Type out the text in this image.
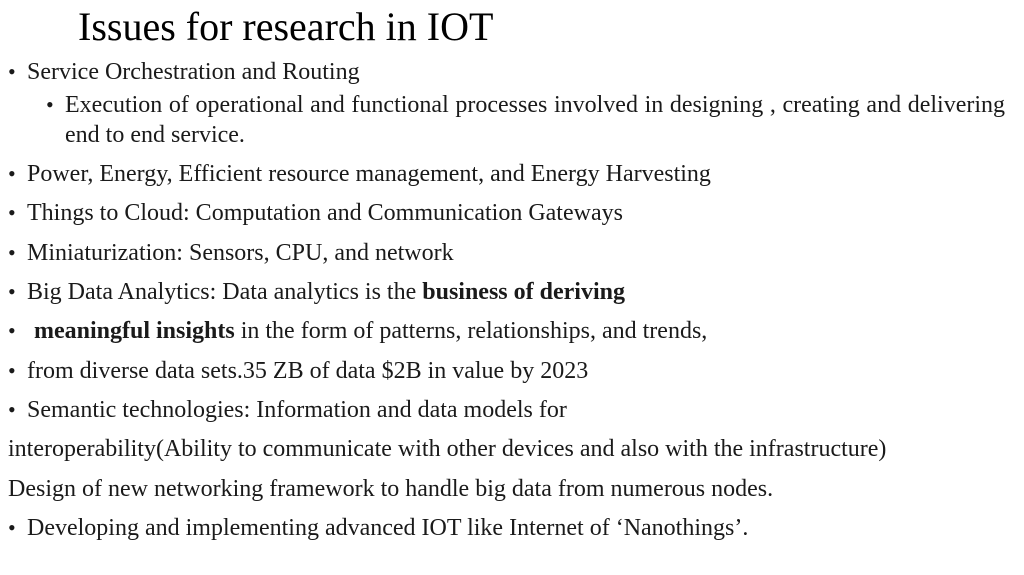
Issues for research in IOT
• Service Orchestration and Routing
• Execution of operational and functional processes involved in designing , creating and delivering end to end service.
• Power, Energy, Efficient resource management, and Energy Harvesting
• Things to Cloud: Computation and Communication Gateways
• Miniaturization: Sensors, CPU, and network
• Big Data Analytics: Data analytics is the business of deriving
• meaningful insights in the form of patterns, relationships, and trends,
• from diverse data sets.35 ZB of data $2B in value by 2023
• Semantic technologies: Information and data models for
interoperability(Ability to communicate with other devices and also with the infrastructure)
Design of new networking framework to handle big data from numerous nodes.
• Developing and implementing advanced IOT like Internet of ‘Nanothings’.
